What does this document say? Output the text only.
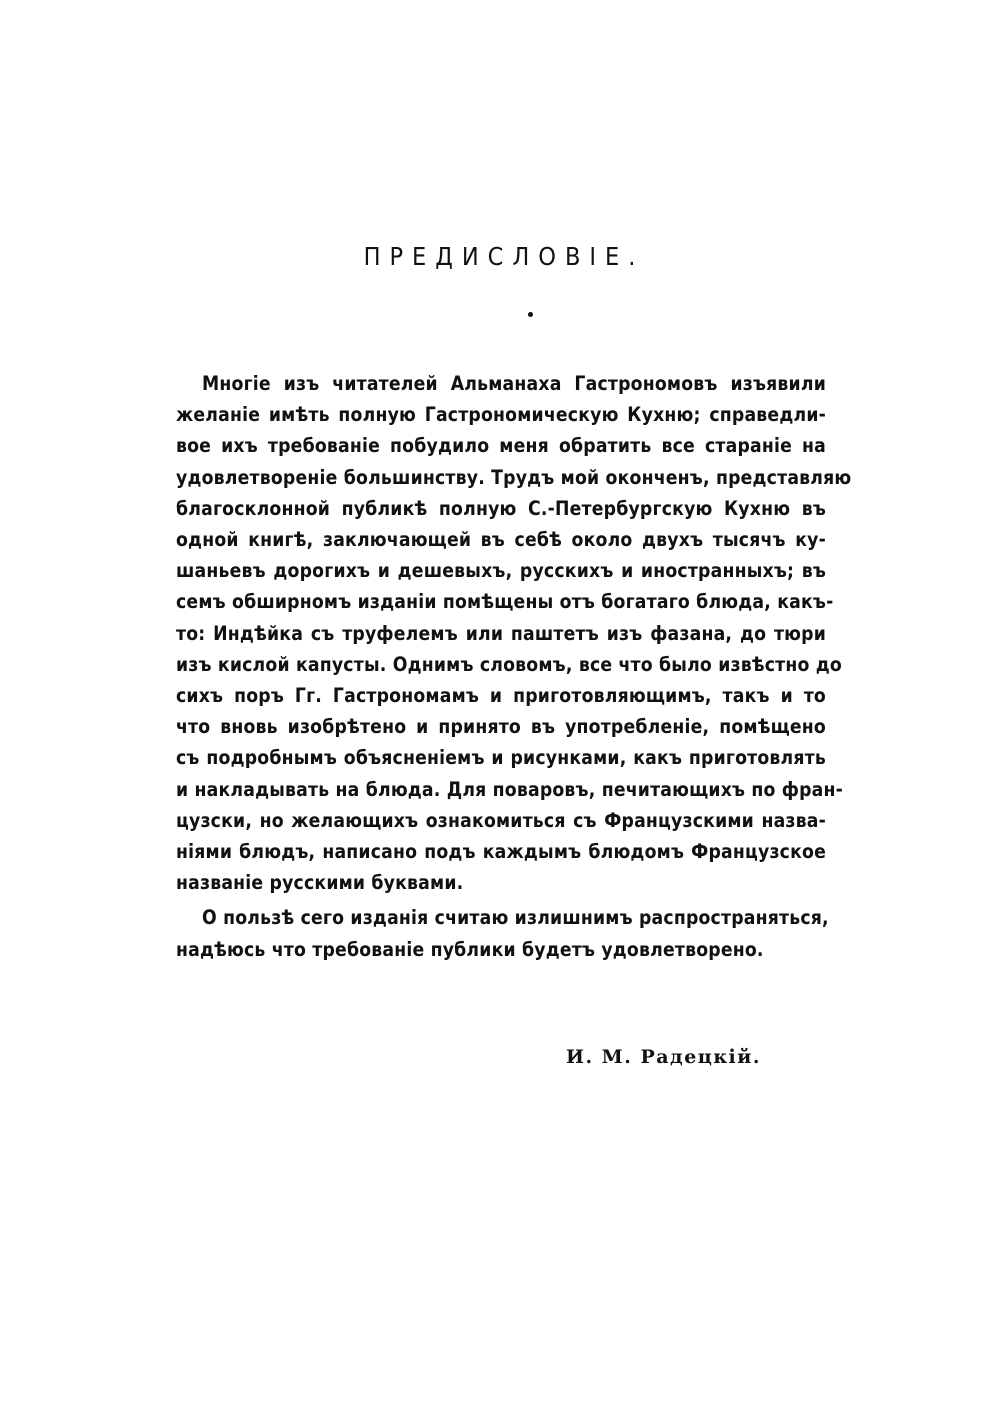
ПРЕДИСЛОВIЕ.
Многiе изъ читателей Альманаха Гастрономовъ изъявили
желанiе имѣть полную Гастрономическую Кухню; справедли-
вое ихъ требованiе побудило меня обратить все старанiе на
удовлетворенiе большинству. Трудъ мой оконченъ, представляю
благосклонной публикѣ полную С.-Петербургскую Кухню въ
одной книгѣ, заключающей въ себѣ около двухъ тысячъ ку-
шаньевъ дорогихъ и дешевыхъ, русскихъ и иностранныхъ; въ
семъ обширномъ изданiи помѣщены отъ богатаго блюда, какъ-
то: Индѣйка съ труфелемъ или паштетъ изъ фазана, до тюри
изъ кислой капусты. Однимъ словомъ, все что было извѣстно до
сихъ поръ Гг. Гастрономамъ и приготовляющимъ, такъ и то
что вновь изобрѣтено и принято въ употребленiе, помѣщено
съ подробнымъ объясненiемъ и рисунками, какъ приготовлять
и накладывать на блюда. Для поваровъ, печитающихъ по фран-
цузски, но желающихъ ознакомиться съ Французскими назва-
нiями блюдъ, написано подъ каждымъ блюдомъ Французское
названiе русскими буквами.
О пользѣ сего изданiя считаю излишнимъ распространяться,
надѣюсь что требованiе публики будетъ удовлетворено.
И. М. Радецкiй.
